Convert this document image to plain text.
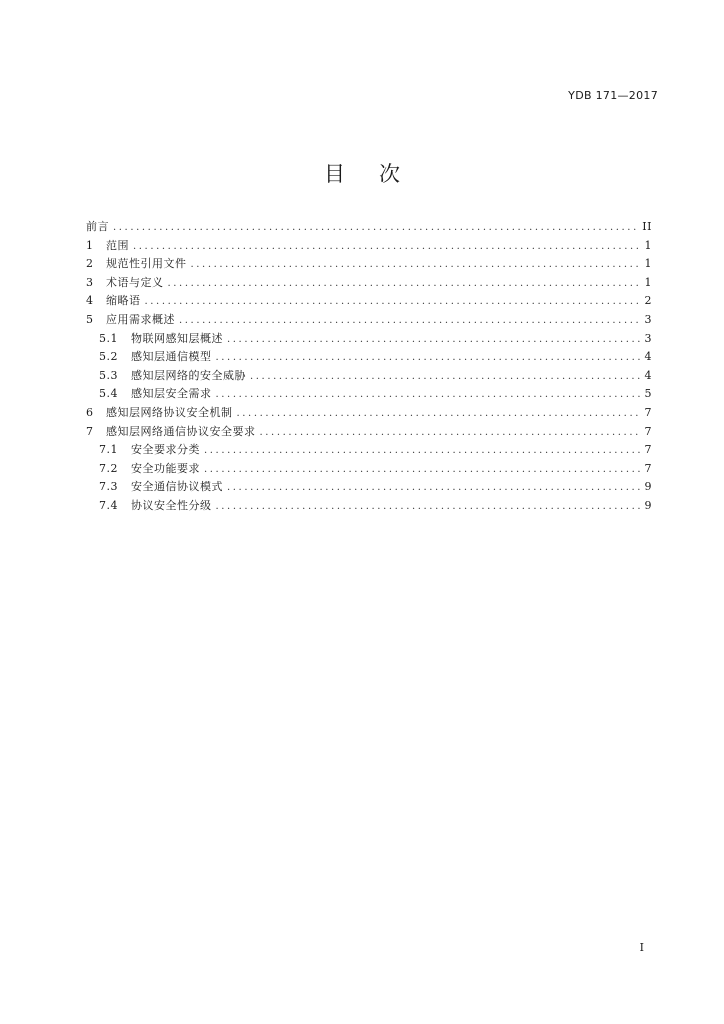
YDB 171—2017
目次
前言 .....	II
1	范围 .....	1
2	规范性引用文件 .....	1
3	术语与定义 .....	1
4	缩略语 .....	2
5	应用需求概述 .....	3
5.1	物联网感知层概述 .....	3
5.2	感知层通信模型 .....	4
5.3	感知层网络的安全威胁 .....	4
5.4	感知层安全需求 .....	5
6	感知层网络协议安全机制 .....	7
7	感知层网络通信协议安全要求 .....	7
7.1	安全要求分类 .....	7
7.2	安全功能要求 .....	7
7.3	安全通信协议模式 .....	9
7.4	协议安全性分级 .....	9
I
